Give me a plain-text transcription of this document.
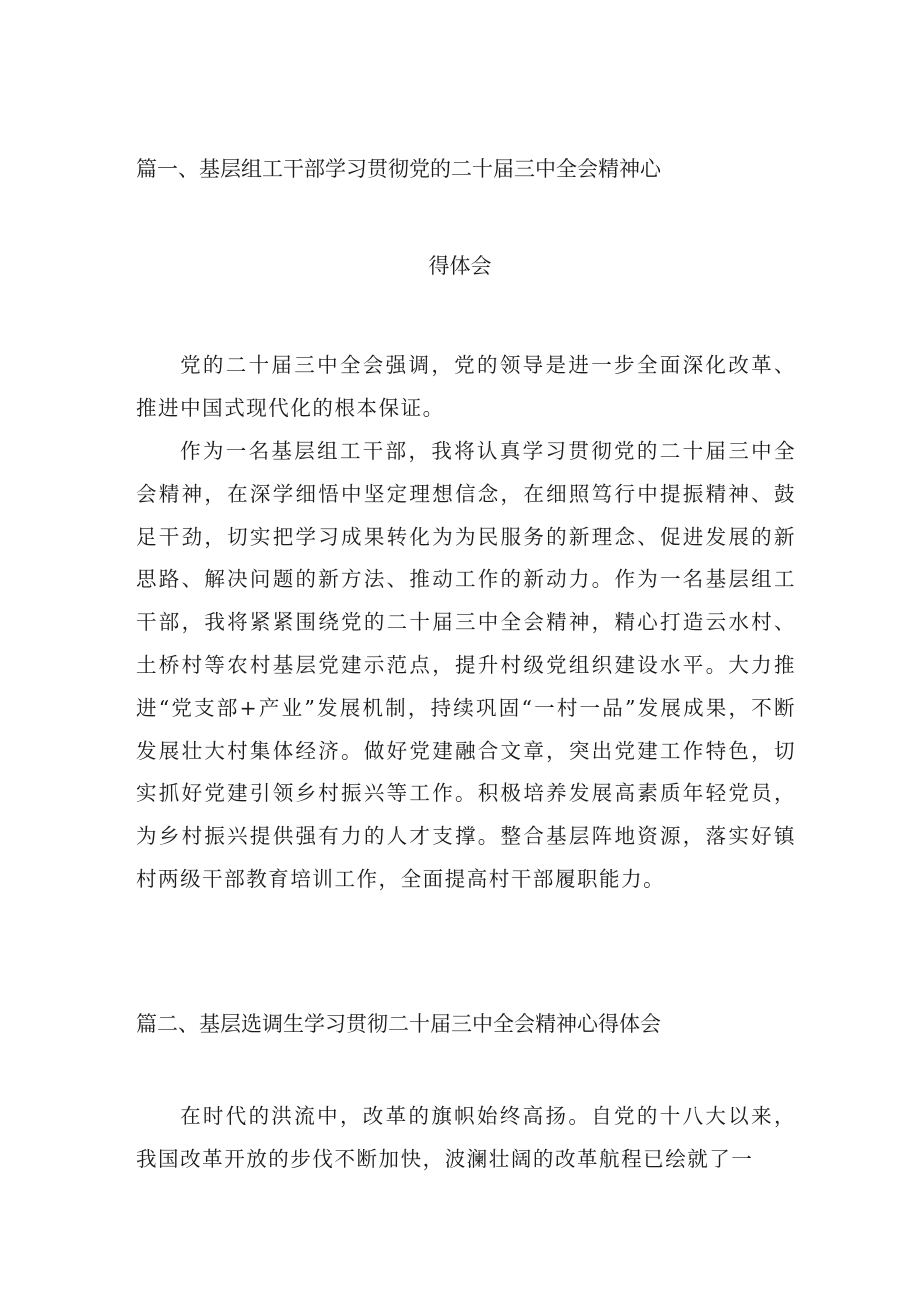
篇一、基层组工干部学习贯彻党的二十届三中全会精神心
得体会

党的二十届三中全会强调，党的领导是进一步全面深化改革、推进中国式现代化的根本保证。

作为一名基层组工干部，我将认真学习贯彻党的二十届三中全会精神，在深学细悟中坚定理想信念，在细照笃行中提振精神、鼓足干劲，切实把学习成果转化为为民服务的新理念、促进发展的新思路、解决问题的新方法、推动工作的新动力。作为一名基层组工干部，我将紧紧围绕党的二十届三中全会精神，精心打造云水村、土桥村等农村基层党建示范点，提升村级党组织建设水平。大力推进“党支部+产业”发展机制，持续巩固“一村一品”发展成果，不断发展壮大村集体经济。做好党建融合文章，突出党建工作特色，切实抓好党建引领乡村振兴等工作。积极培养发展高素质年轻党员，为乡村振兴提供强有力的人才支撑。整合基层阵地资源，落实好镇村两级干部教育培训工作，全面提高村干部履职能力。

篇二、基层选调生学习贯彻二十届三中全会精神心得体会

在时代的洪流中，改革的旗帜始终高扬。自党的十八大以来，我国改革开放的步伐不断加快，波澜壮阔的改革航程已绘就了一
